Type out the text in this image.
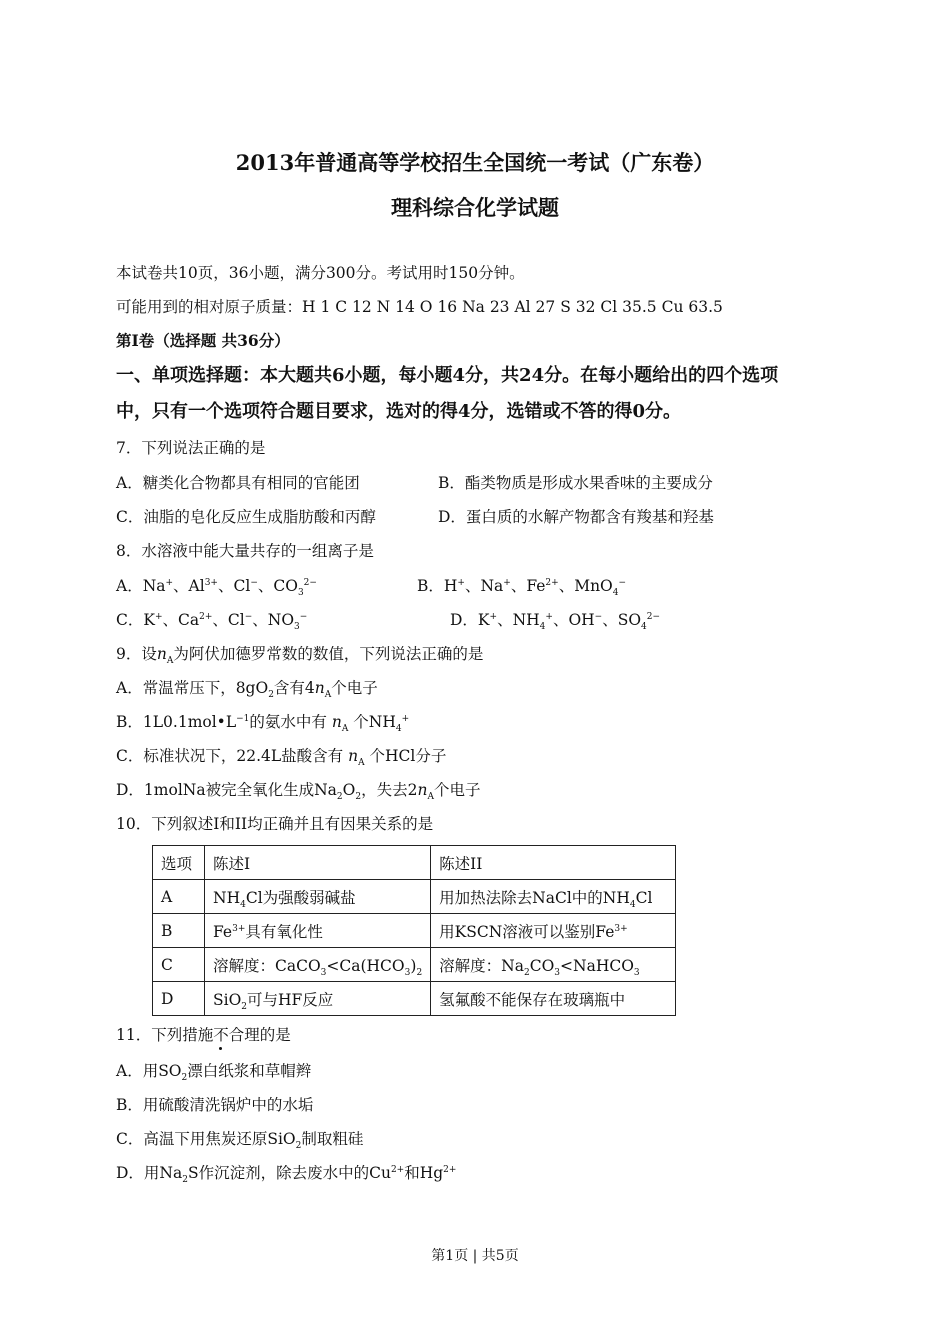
2013年普通高等学校招生全国统一考试（广东卷）
理科综合化学试题
本试卷共10页，36小题，满分300分。考试用时150分钟。
可能用到的相对原子质量：H 1 C 12 N 14 O 16 Na 23 Al 27 S 32 Cl 35.5 Cu 63.5
第I卷（选择题 共36分）
一、单项选择题：本大题共6小题，每小题4分，共24分。在每小题给出的四个选项
中，只有一个选项符合题目要求，选对的得4分，选错或不答的得0分。
7．下列说法正确的是
A．糖类化合物都具有相同的官能团	B．酯类物质是形成水果香味的主要成分
C．油脂的皂化反应生成脂肪酸和丙醇	D．蛋白质的水解产物都含有羧基和羟基
8．水溶液中能大量共存的一组离子是
A．Na+、$Al^{3+}$、Cl−、$CO_3^{2-}$	B．H+、Na+、$Fe^{2+}$、MnO$_4$−
C．K+、$Ca^{2+}$、Cl−、$NO_3^-$	D．K+、$NH_4^+$、OH−、$SO_4^{2-}$
9．设$n_A$为阿伏加德罗常数的数值，下列说法正确的是
A．常温常压下，$8gO_2$含有$4n_A$个电子
B．$1L0.1mol•L^{-1}$的氨水中有 $n_A$ 个$NH_4^+$
C．标准状况下，22.4L盐酸含有 $n_A$ 个HCl分子
D．1molNa被完全氧化生成$Na_2O_2$，失去$2n_A$个电子
10．下列叙述I和II均正确并且有因果关系的是
选项	陈述I	陈述II
A	$NH_4Cl$为强酸弱碱盐	用加热法除去NaCl中的$NH_4Cl$
B	$Fe^{3+}$具有氧化性	用KSCN溶液可以鉴别$Fe^{3+}$
C	溶解度：$CaCO_3<Ca(HCO_3)_2$	溶解度：$Na_2CO_3<NaHCO_3$
D	SiO$_2$可与HF反应	氢氟酸不能保存在玻璃瓶中
11．下列措施不合理的是
A．用$SO_2$漂白纸浆和草帽辫
B．用硫酸清洗锅炉中的水垢
C．高温下用焦炭还原SiO$_2$制取粗硅
D．用$Na_2S$作沉淀剂，除去废水中的$Cu^{2+}$和$Hg^{2+}$
第1页 | 共5页
